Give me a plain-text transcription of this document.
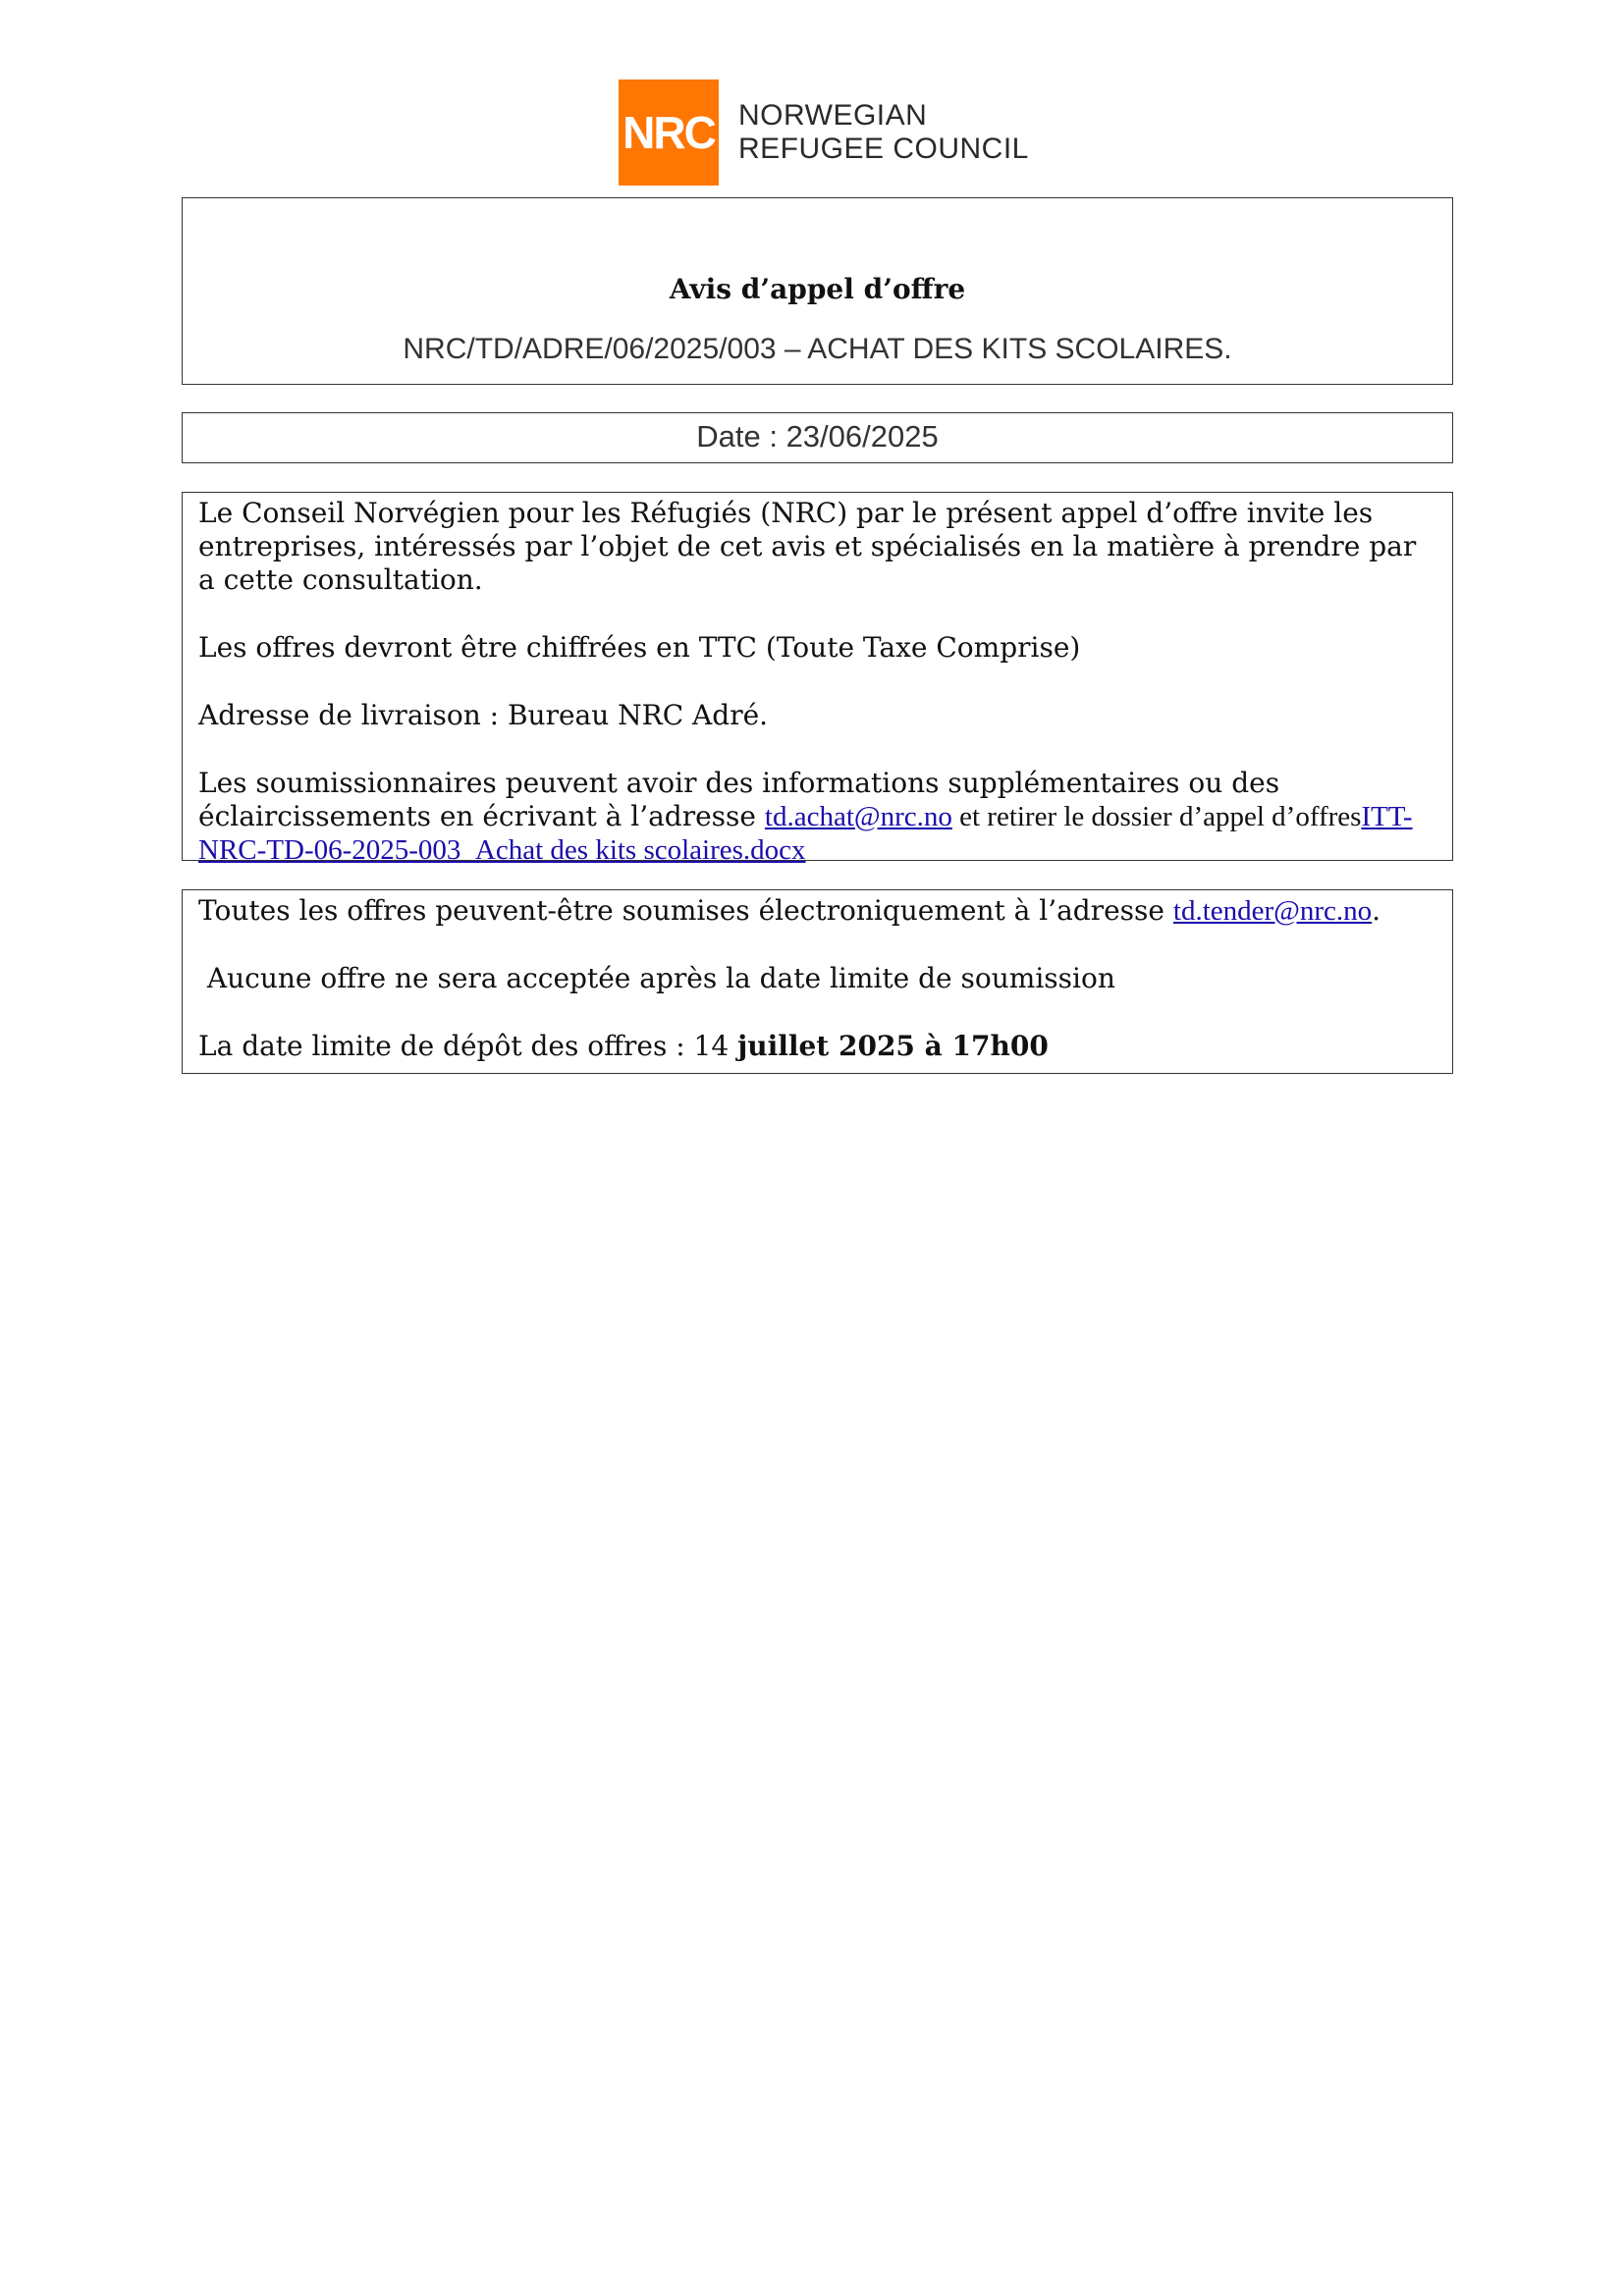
NRC NORWEGIAN
REFUGEE COUNCIL
Avis d’appel d’offre
NRC/TD/ADRE/06/2025/003 – ACHAT DES KITS SCOLAIRES.
Date : 23/06/2025

Le Conseil Norvégien pour les Réfugiés (NRC) par le présent appel d’offre invite les entreprises, intéressés par l’objet de cet avis et spécialisés en la matière à prendre par a cette consultation.

Les offres devront être chiffrées en TTC (Toute Taxe Comprise)

Adresse de livraison : Bureau NRC Adré.

Les soumissionnaires peuvent avoir des informations supplémentaires ou des éclaircissements en écrivant à l’adresse td.achat@nrc.no et retirer le dossier d’appel d’offresITT-NRC-TD-06-2025-003_Achat des kits scolaires.docx

Toutes les offres peuvent-être soumises électroniquement à l’adresse td.tender@nrc.no.

Aucune offre ne sera acceptée après la date limite de soumission

La date limite de dépôt des offres : 14 juillet 2025 à 17h00
